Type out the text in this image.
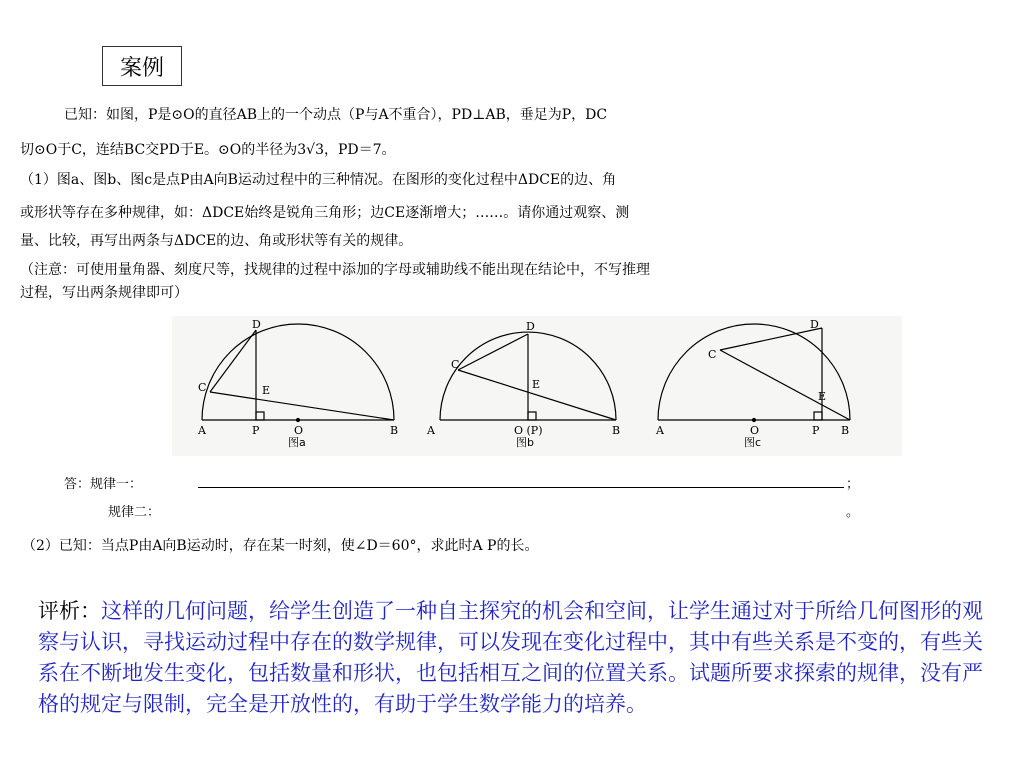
案例
已知：如图，P是⊙O的直径AB上的一个动点（P与A不重合），PD⊥AB，垂足为P，DC
切⊙O于C，连结BC交PD于E。⊙O的半径为3√3，PD＝7。
（1）图a、图b、图c是点P由A向B运动过程中的三种情况。在图形的变化过程中ΔDCE的边、角
或形状等存在多种规律，如：ΔDCE始终是锐角三角形；边CE逐渐增大；……。请你通过观察、测
量、比较，再写出两条与ΔDCE的边、角或形状等有关的规律。
（注意：可使用量角器、刻度尺等，找规律的过程中添加的字母或辅助线不能出现在结论中，不写推理
过程，写出两条规律即可）
D
C	E
A	P	O	B
图a
D
C
E
A	O (P)	B
图b
D
C
E
A	O	P B
图c
答：规律一：	；
规律二：	。
（2）已知：当点P由A向B运动时，存在某一时刻，使∠D＝60°，求此时A P的长。
评析：这样的几何问题，给学生创造了一种自主探究的机会和空间，让学生通过对于所给几何图形的观察与认识，寻找运动过程中存在的数学规律，可以发现在变化过程中，其中有些关系是不变的，有些关系在不断地发生变化，包括数量和形状，也包括相互之间的位置关系。试题所要求探索的规律，没有严格的规定与限制，完全是开放性的，有助于学生数学能力的培养。
